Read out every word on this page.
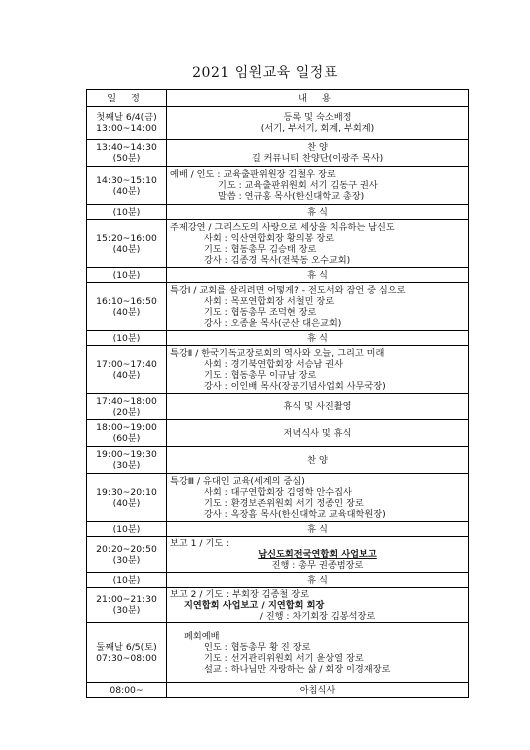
2021 임원교육 일정표
일 정	내 용

첫째날 6/4(금)
13:00~14:00	등록 및 숙소배정
(서기, 부서기, 회계, 부회계)

13:40~14:30
(50분)	찬 양
길 커뮤니티 찬양단(이광주 목사)

14:30~15:10
(40분)	예배 / 인도 : 교육출판위원장 김철우 장로
기도 : 교육출판위원회 서기 김동구 권사
말씀 : 연규홍 목사(한신대학교 총장)

(10분)	휴 식

15:20~16:00
(40분)	주제강연 / 그리스도의 사랑으로 세상을 치유하는 남신도
사회 : 익산연합회장 황의봉 장로
기도 : 협동총무 김승태 장로
강사 : 김종경 목사(전북동 오수교회)

(10분)	휴 식

16:10~16:50
(40분)	특강Ⅰ / 교회를 살리려면 어떻게? - 전도서와 잠언 중 심으로
사회 : 목포연합회장 서철민 장로
기도 : 협동총무 조덕현 장로
강사 : 오종윤 목사(군산 대은교회)

(10분)	휴 식

17:00~17:40
(40분)	특강Ⅱ / 한국기독교장로회의 역사와 오늘, 그리고 미래
사회 : 경기북연합회장 서승남 권사
기도 : 협동총무 이규남 장로
강사 : 이인배 목사(장공기념사업회 사무국장)

17:40~18:00
(20분)	휴식 및 사진촬영

18:00~19:00
(60분)	저녁식사 및 휴식

19:00~19:30
(30분)	찬 양

19:30~20:10
(40분)	특강Ⅲ / 유대인 교육(세계의 중심)
사회 : 대구연합회장 김영학 안수집사
기도 : 환경보존위원회 서기 정종인 장로
강사 : 옥장흠 목사(한신대학교 교육대학원장)

(10분)	휴 식

20:20~20:50
(30분)	보고 1 / 기도 :
남신도회전국연합회 사업보고
진행 : 총무 권종범장로

(10분)	휴 식

21:00~21:30
(30분)	보고 2 / 기도 : 부회장 김종철 장로
지연합회 사업보고 / 지연합회 회장
/ 진행 : 차기회장 김봉석장로

둘째날 6/5(토)
07:30~08:00	폐회예배
인도 : 협동총무 황 진 장로
기도 : 선거관리위원회 서기 윤상열 장로
설교 : 하나님만 자랑하는 삶 / 회장 이경재장로

08:00~	아침식사
